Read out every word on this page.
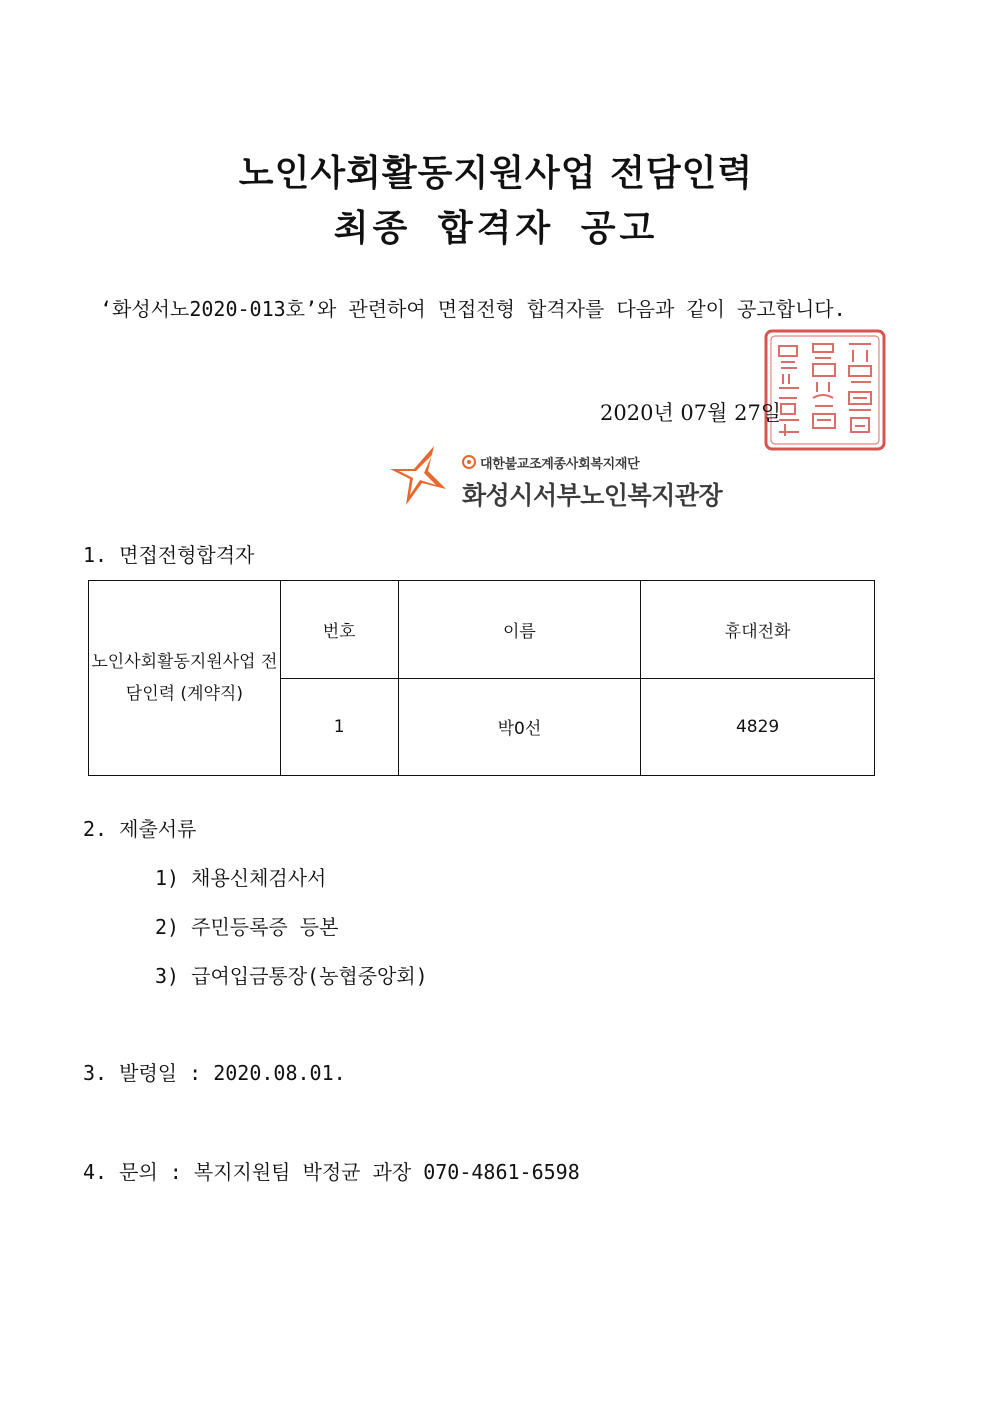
노인사회활동지원사업 전담인력
최종 합격자 공고
‘화성서노2020-013호’와 관련하여 면접전형 합격자를 다음과 같이 공고합니다.
2020년 07월 27일
대한불교조계종사회복지재단
화성시서부노인복지관장
1. 면접전형합격자
노인사회활동지원사업 전담인력 (계약직)	번호	이름	휴대전화
	1	박0선	4829
2. 제출서류
1) 채용신체검사서
2) 주민등록증 등본
3) 급여입금통장(농협중앙회)
3. 발령일 : 2020.08.01.
4. 문의 : 복지지원팀 박정균 과장 070-4861-6598
